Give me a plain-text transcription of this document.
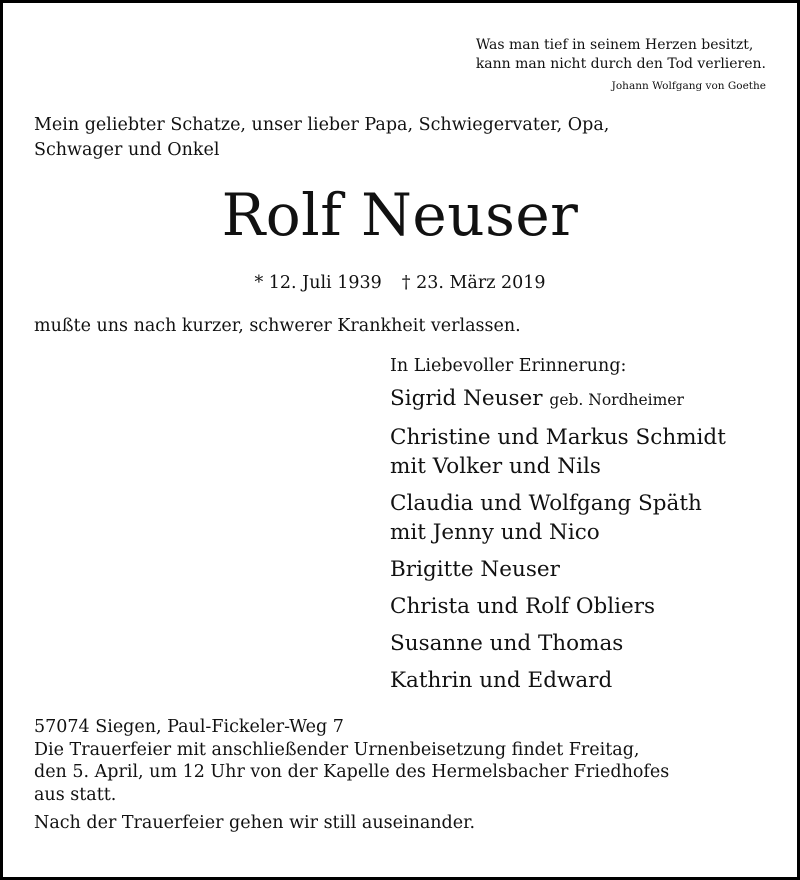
Was man tief in seinem Herzen besitzt,
kann man nicht durch den Tod verlieren.
Johann Wolfgang von Goethe
Mein geliebter Schatze, unser lieber Papa, Schwiegervater, Opa,
Schwager und Onkel
Rolf Neuser
* 12. Juli 1939 † 23. März 2019
mußte uns nach kurzer, schwerer Krankheit verlassen.
In Liebevoller Erinnerung:
Sigrid Neuser geb. Nordheimer
Christine und Markus Schmidt
mit Volker und Nils
Claudia und Wolfgang Späth
mit Jenny und Nico
Brigitte Neuser
Christa und Rolf Obliers
Susanne und Thomas
Kathrin und Edward
57074 Siegen, Paul-Fickeler-Weg 7
Die Trauerfeier mit anschließender Urnenbeisetzung findet Freitag,
den 5. April, um 12 Uhr von der Kapelle des Hermelsbacher Friedhofes
aus statt.
Nach der Trauerfeier gehen wir still auseinander.
